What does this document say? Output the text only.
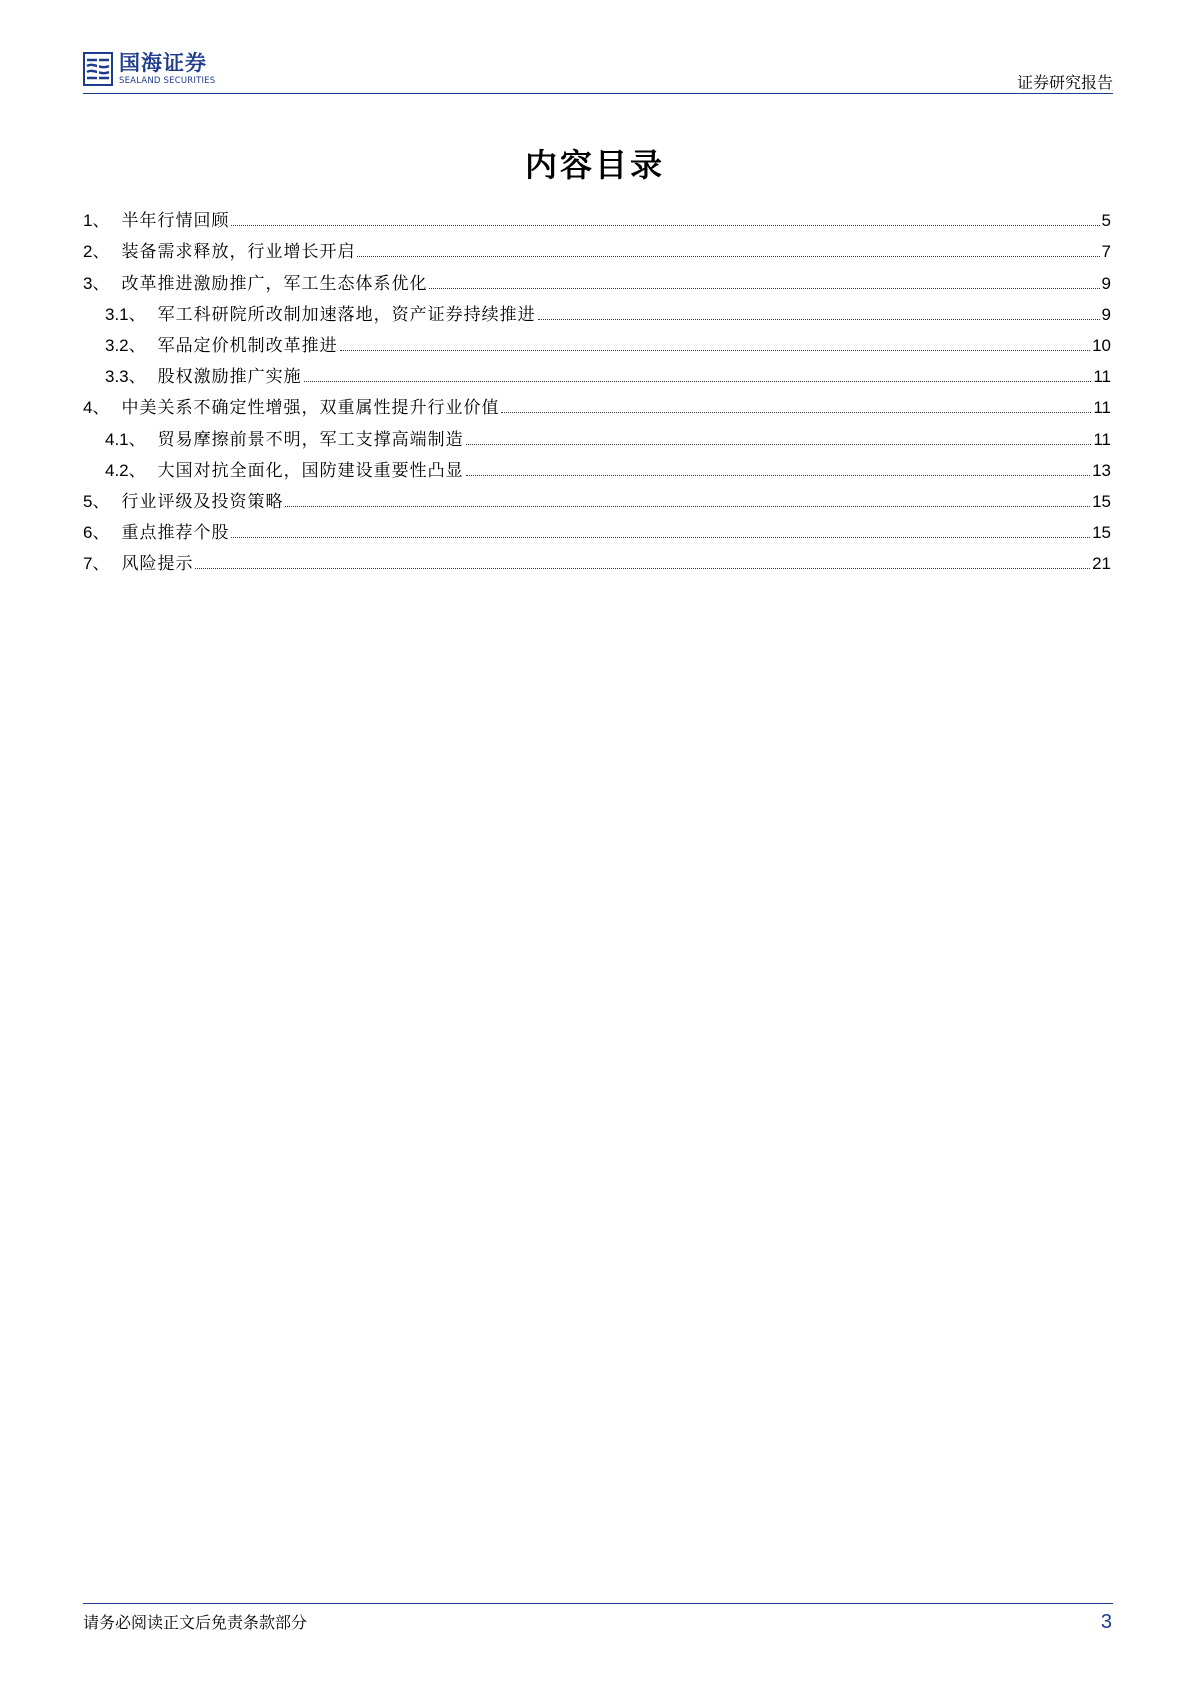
国海证券
SEALAND SECURITIES	证券研究报告
内容目录
1 、 半年行情回顾	5
2 、 装备需求释放，行业增长开启	7
3 、 改革推进激励推广，军工生态体系优化	9
3.1 、 军工科研院所改制加速落地，资产证券持续推进	9
3.2 、 军品定价机制改革推进	10
3.3 、 股权激励推广实施	11
4 、 中美关系不确定性增强，双重属性提升行业价值	11
4.1 、 贸易摩擦前景不明，军工支撑高端制造	11
4.2 、 大国对抗全面化，国防建设重要性凸显	13
5 、 行业评级及投资策略	15
6 、 重点推荐个股	15
7 、 风险提示	21
请务必阅读正文后免责条款部分	3
